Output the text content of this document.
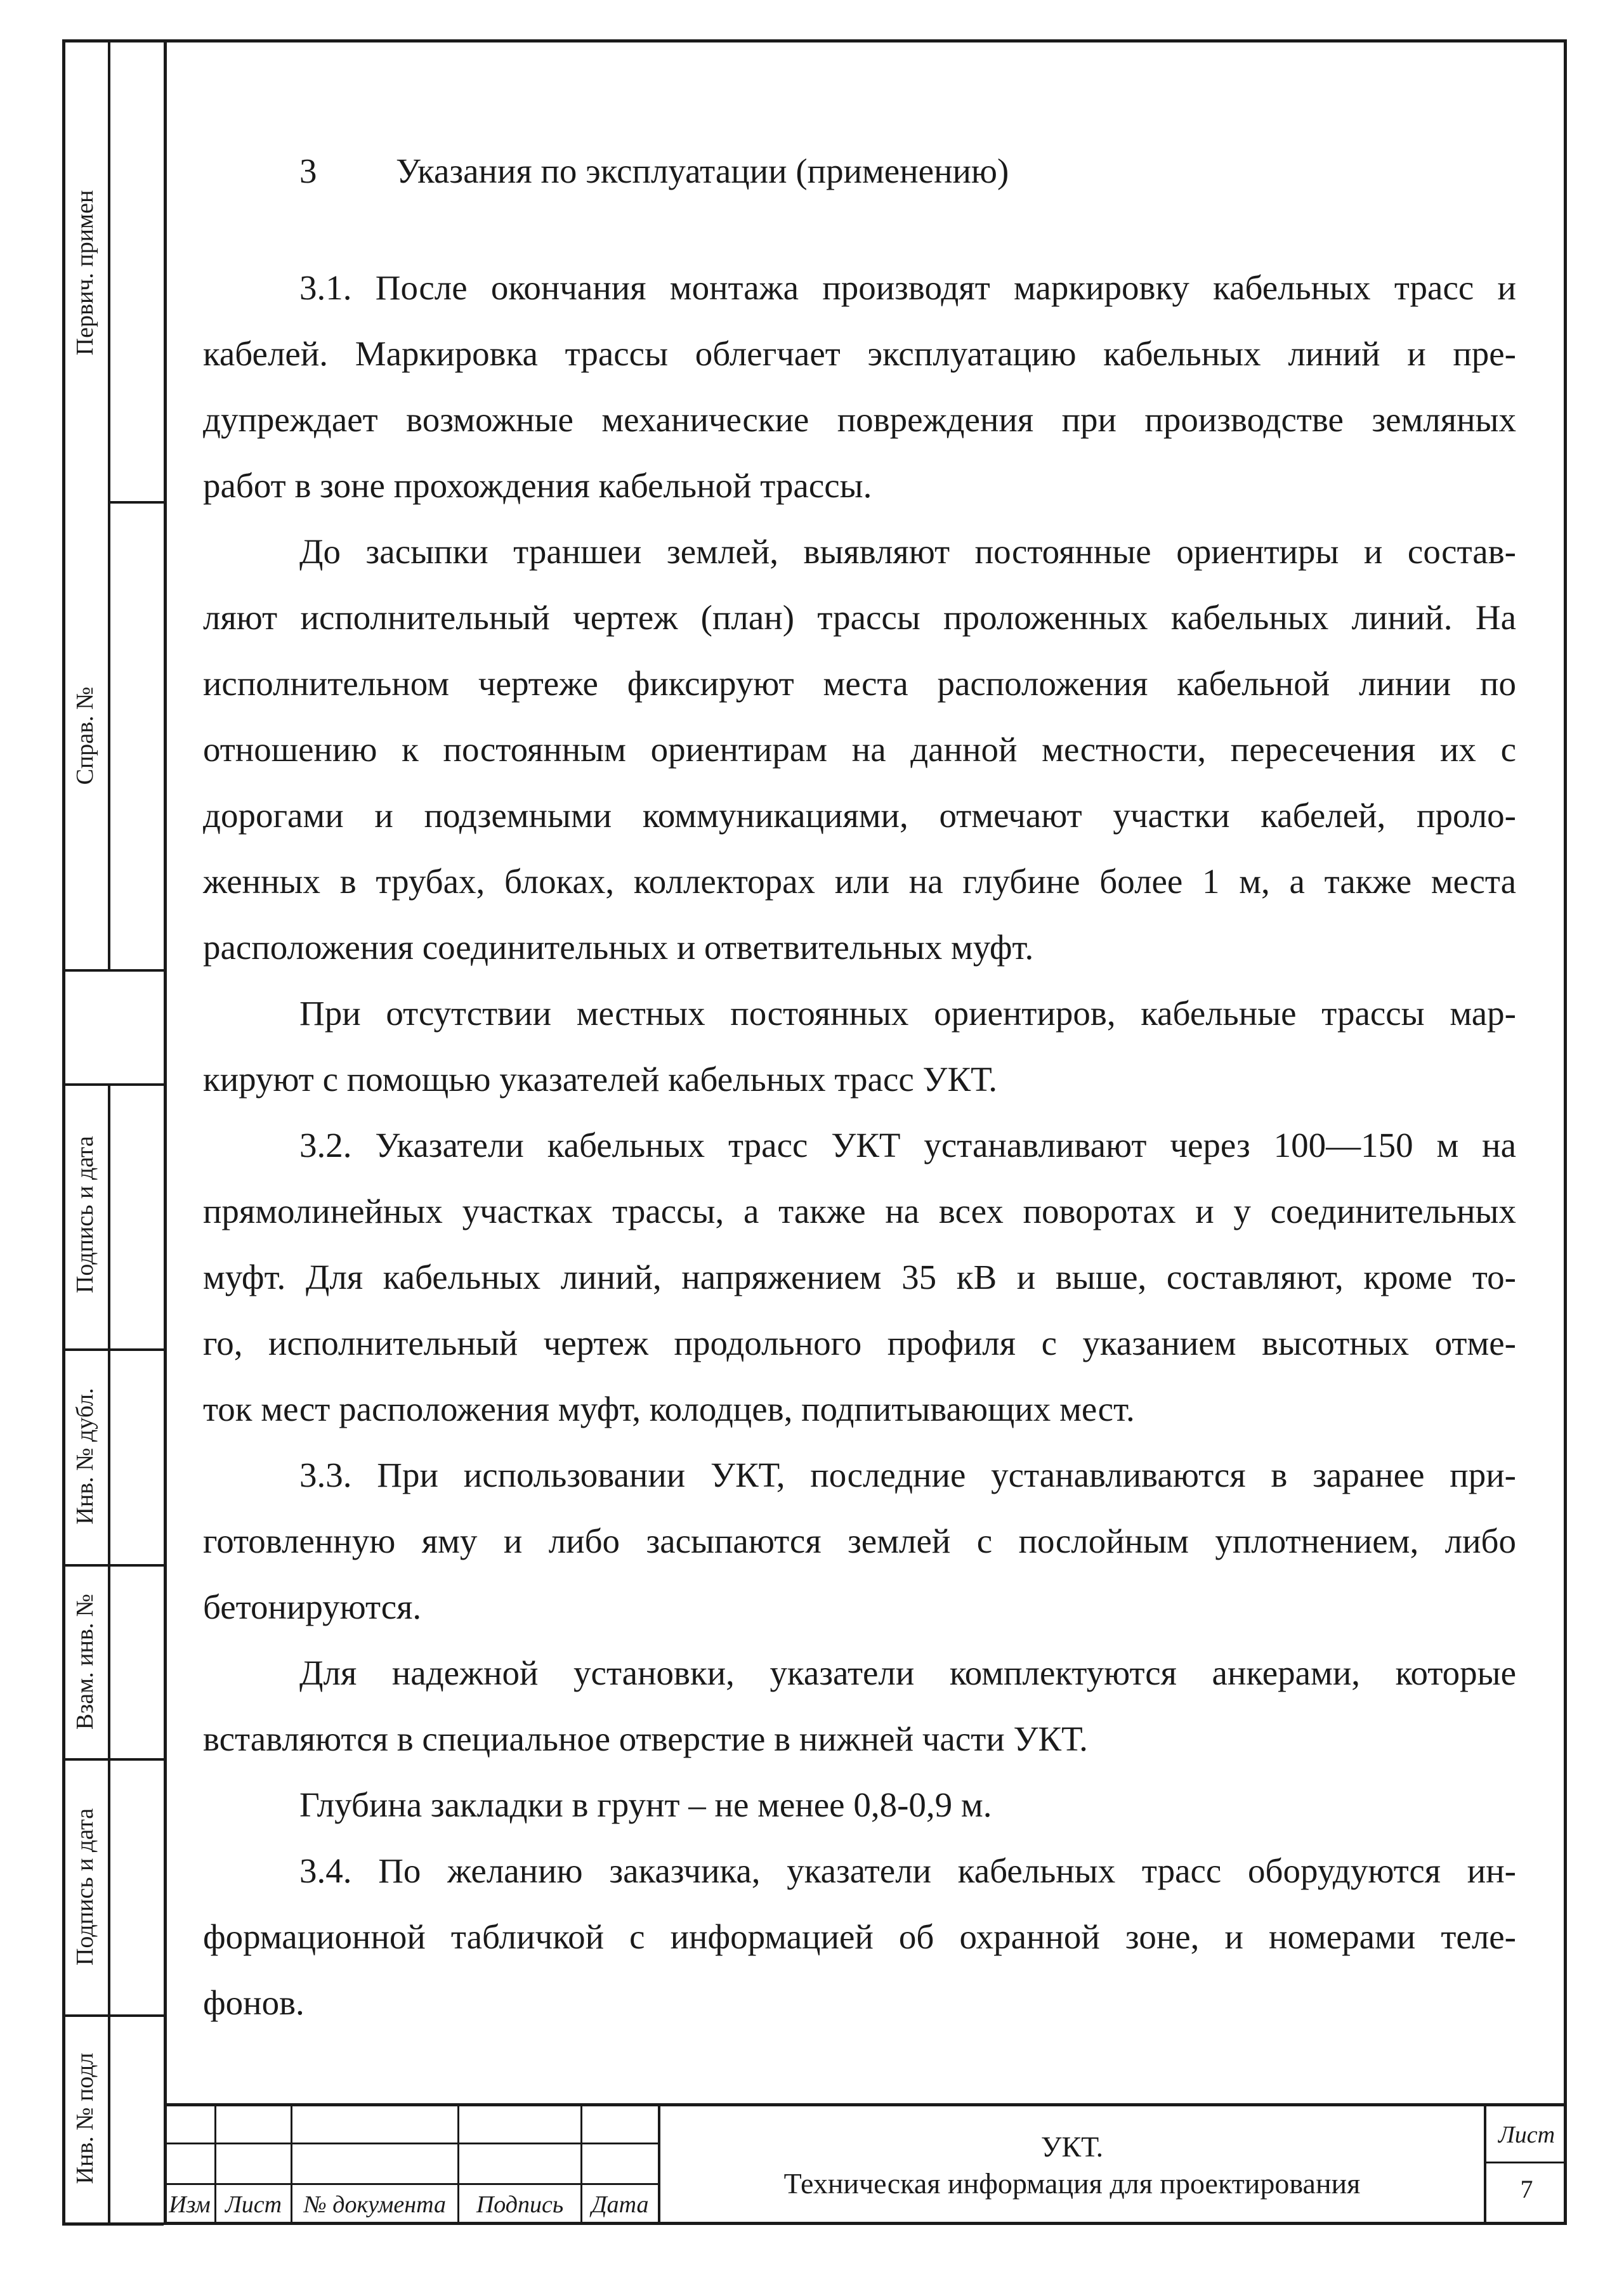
Первич. примен
Справ. №
Подпись и дата
Инв. № дубл.
Взам. инв. №
Подпись и дата
Инв. № подл
3 Указания по эксплуатации (применению)
3.1. После окончания монтажа производят маркировку кабельных трасс и
кабелей. Маркировка трассы облегчает эксплуатацию кабельных линий и пре-
дупреждает возможные механические повреждения при производстве земляных
работ в зоне прохождения кабельной трассы.
До засыпки траншеи землей, выявляют постоянные ориентиры и состав-
ляют исполнительный чертеж (план) трассы проложенных кабельных линий. На
исполнительном чертеже фиксируют места расположения кабельной линии по
отношению к постоянным ориентирам на данной местности, пересечения их с
дорогами и подземными коммуникациями, отмечают участки кабелей, проло-
женных в трубах, блоках, коллекторах или на глубине более 1 м, а также места
расположения соединительных и ответвительных муфт.
При отсутствии местных постоянных ориентиров, кабельные трассы мар-
кируют с помощью указателей кабельных трасс УКТ.
3.2. Указатели кабельных трасс УКТ устанавливают через 100—150 м на
прямолинейных участках трассы, а также на всех поворотах и у соединительных
муфт. Для кабельных линий, напряжением 35 кВ и выше, составляют, кроме то-
го, исполнительный чертеж продольного профиля с указанием высотных отме-
ток мест расположения муфт, колодцев, подпитывающих мест.
3.3. При использовании УКТ, последние устанавливаются в заранее при-
готовленную яму и либо засыпаются землей с послойным уплотнением, либо
бетонируются.
Для надежной установки, указатели комплектуются анкерами, которые
вставляются в специальное отверстие в нижней части УКТ.
Глубина закладки в грунт – не менее 0,8-0,9 м.
3.4. По желанию заказчика, указатели кабельных трасс оборудуются ин-
формационной табличкой с информацией об охранной зоне, и номерами теле-
фонов.
Изм Лист № документа	Подпись	Дата
УКТ.
Техническая информация для проектирования
Лист
7
